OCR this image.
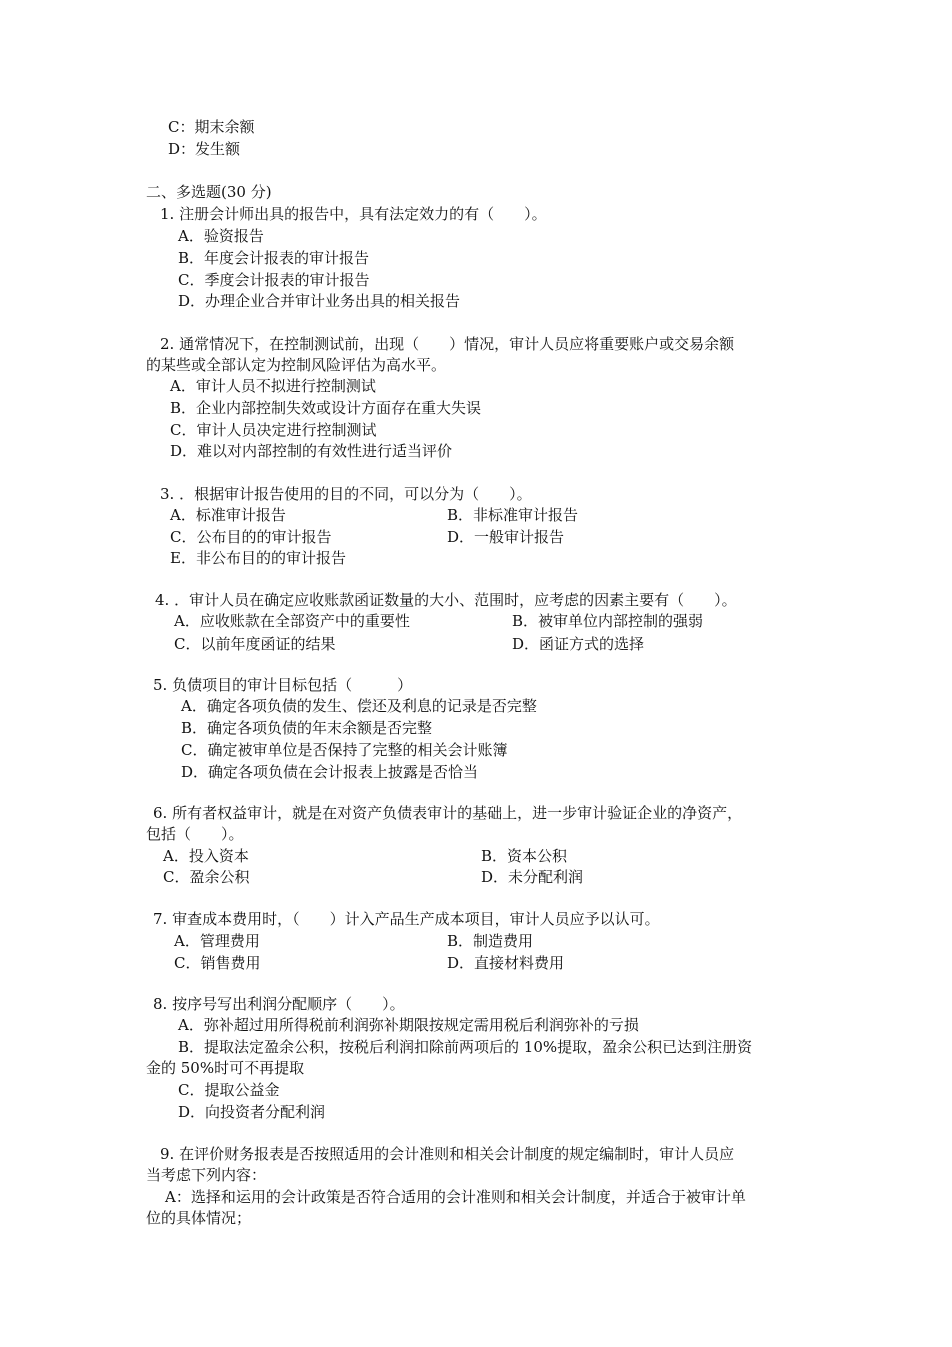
C：期末余额
D：发生额
二、多选题(30 分)
1. 注册会计师出具的报告中，具有法定效力的有（　　）。
A．验资报告
B．年度会计报表的审计报告
C．季度会计报表的审计报告
D．办理企业合并审计业务出具的相关报告
2. 通常情况下，在控制测试前，出现（　　）情况，审计人员应将重要账户或交易余额
的某些或全部认定为控制风险评估为高水平。
A．审计人员不拟进行控制测试
B．企业内部控制失效或设计方面存在重大失误
C．审计人员决定进行控制测试
D．难以对内部控制的有效性进行适当评价
3. ．根据审计报告使用的目的不同，可以分为（　　）。
A．标准审计报告	B．非标准审计报告
C．公布目的的审计报告	D．一般审计报告
E．非公布目的的审计报告
4. ．审计人员在确定应收账款函证数量的大小、范围时，应考虑的因素主要有（　　）。
A．应收账款在全部资产中的重要性	B．被审单位内部控制的强弱
C．以前年度函证的结果	D．函证方式的选择
5. 负债项目的审计目标包括（　　　）
A．确定各项负债的发生、偿还及利息的记录是否完整
B．确定各项负债的年末余额是否完整
C．确定被审单位是否保持了完整的相关会计账簿
D．确定各项负债在会计报表上披露是否恰当
6. 所有者权益审计，就是在对资产负债表审计的基础上，进一步审计验证企业的净资产，
包括（　　）。
A．投入资本	B．资本公积
C．盈余公积	D．未分配利润
7. 审查成本费用时，（　　）计入产品生产成本项目，审计人员应予以认可。
A．管理费用	B．制造费用
C．销售费用	D．直接材料费用
8. 按序号写出利润分配顺序（　　）。
A．弥补超过用所得税前利润弥补期限按规定需用税后利润弥补的亏损
B．提取法定盈余公积，按税后利润扣除前两项后的 10%提取，盈余公积已达到注册资
金的 50%时可不再提取
C．提取公益金
D．向投资者分配利润
9. 在评价财务报表是否按照适用的会计准则和相关会计制度的规定编制时，审计人员应
当考虑下列内容：
A：选择和运用的会计政策是否符合适用的会计准则和相关会计制度，并适合于被审计单
位的具体情况；
